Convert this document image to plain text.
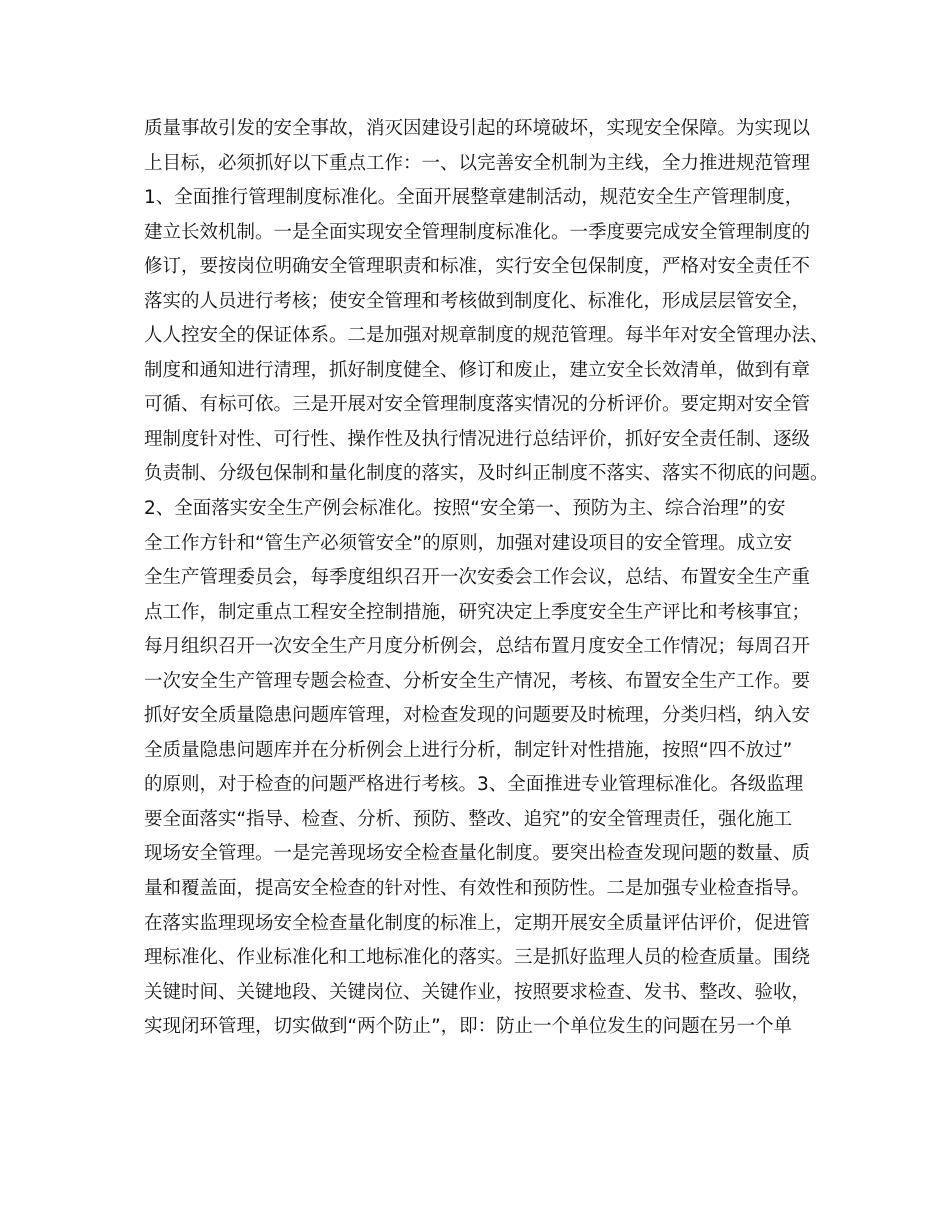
质量事故引发的安全事故，消灭因建设引起的环境破坏，实现安全保障。为实现以
上目标，必须抓好以下重点工作：一、以完善安全机制为主线，全力推进规范管理
1、全面推行管理制度标准化。全面开展整章建制活动，规范安全生产管理制度，
建立长效机制。一是全面实现安全管理制度标准化。一季度要完成安全管理制度的
修订，要按岗位明确安全管理职责和标准，实行安全包保制度，严格对安全责任不
落实的人员进行考核；使安全管理和考核做到制度化、标准化，形成层层管安全，
人人控安全的保证体系。二是加强对规章制度的规范管理。每半年对安全管理办法、
制度和通知进行清理，抓好制度健全、修订和废止，建立安全长效清单，做到有章
可循、有标可依。三是开展对安全管理制度落实情况的分析评价。要定期对安全管
理制度针对性、可行性、操作性及执行情况进行总结评价，抓好安全责任制、逐级
负责制、分级包保制和量化制度的落实，及时纠正制度不落实、落实不彻底的问题。
2、全面落实安全生产例会标准化。按照“安全第一、预防为主、综合治理”的安
全工作方针和“管生产必须管安全”的原则，加强对建设项目的安全管理。成立安
全生产管理委员会，每季度组织召开一次安委会工作会议，总结、布置安全生产重
点工作，制定重点工程安全控制措施，研究决定上季度安全生产评比和考核事宜；
每月组织召开一次安全生产月度分析例会，总结布置月度安全工作情况；每周召开
一次安全生产管理专题会检查、分析安全生产情况，考核、布置安全生产工作。要
抓好安全质量隐患问题库管理，对检查发现的问题要及时梳理，分类归档，纳入安
全质量隐患问题库并在分析例会上进行分析，制定针对性措施，按照“四不放过”
的原则，对于检查的问题严格进行考核。3、全面推进专业管理标准化。各级监理
要全面落实“指导、检查、分析、预防、整改、追究”的安全管理责任，强化施工
现场安全管理。一是完善现场安全检查量化制度。要突出检查发现问题的数量、质
量和覆盖面，提高安全检查的针对性、有效性和预防性。二是加强专业检查指导。
在落实监理现场安全检查量化制度的标准上，定期开展安全质量评估评价，促进管
理标准化、作业标准化和工地标准化的落实。三是抓好监理人员的检查质量。围绕
关键时间、关键地段、关键岗位、关键作业，按照要求检查、发书、整改、验收，
实现闭环管理，切实做到“两个防止”，即：防止一个单位发生的问题在另一个单
